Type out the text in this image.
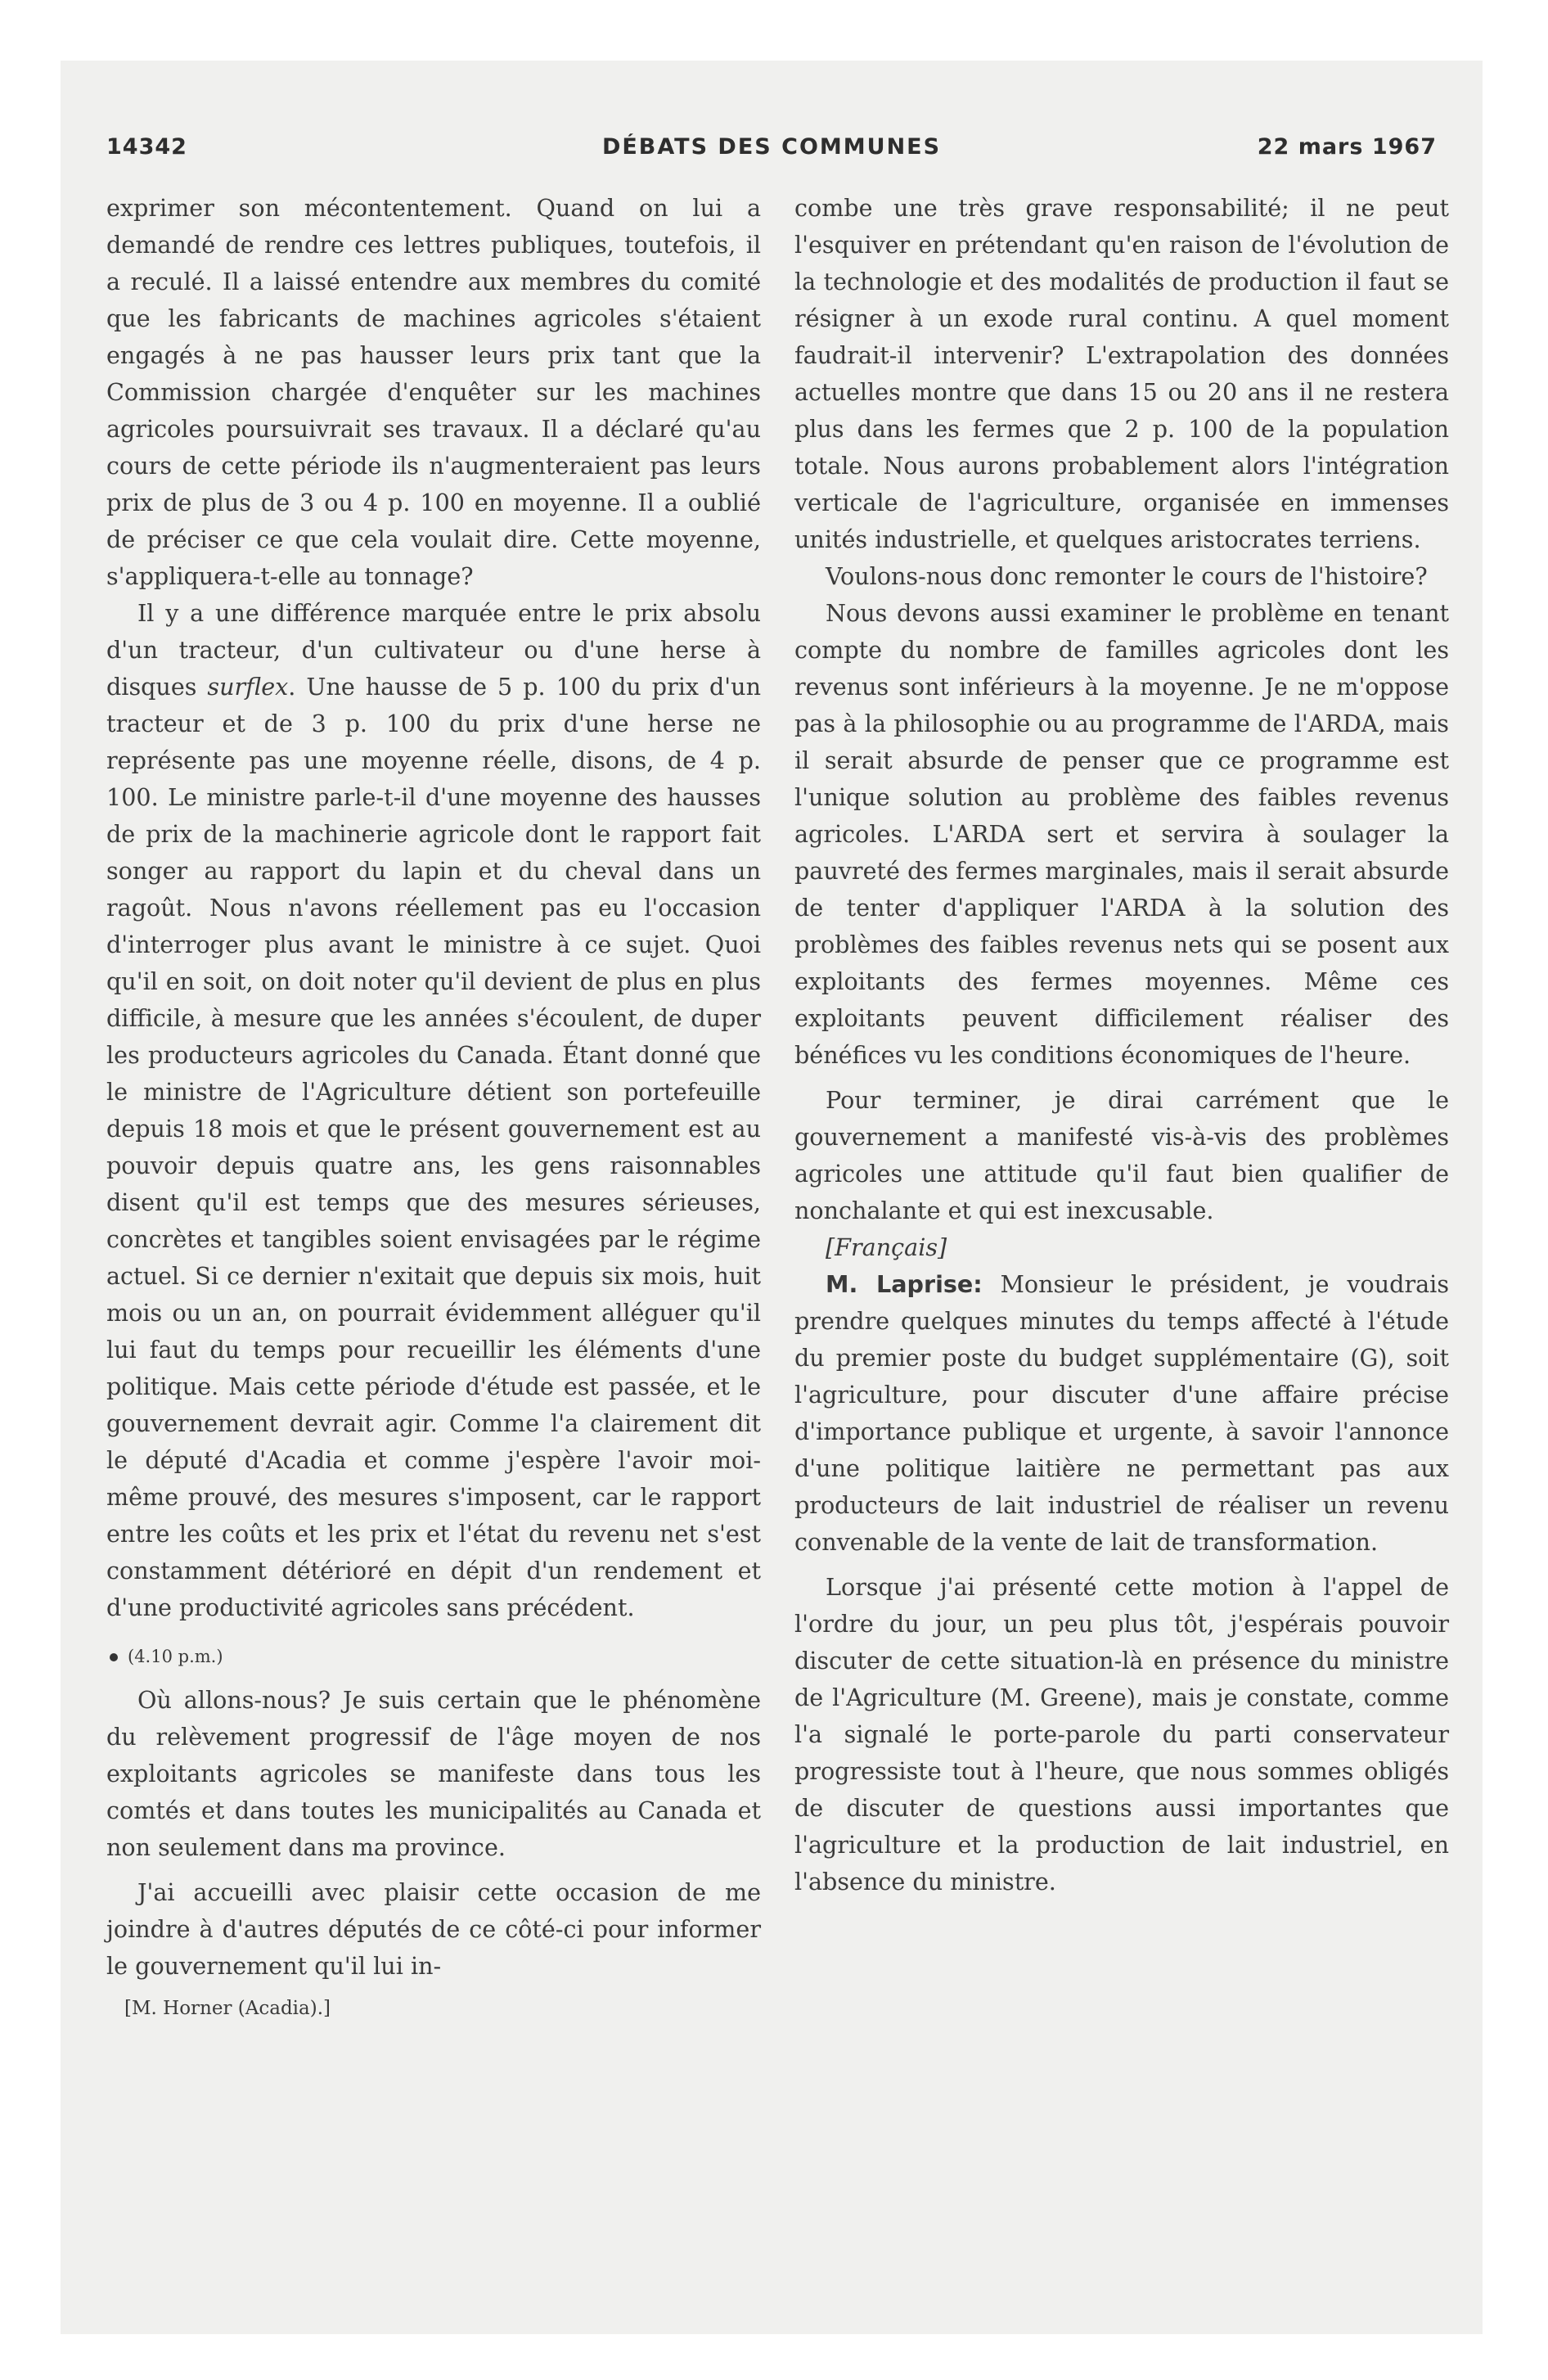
14342	DÉBATS DES COMMUNES	22 mars 1967

exprimer son mécontentement. Quand on lui a demandé de rendre ces lettres publiques, toutefois, il a reculé. Il a laissé entendre aux membres du comité que les fabricants de machines agricoles s'étaient engagés à ne pas hausser leurs prix tant que la Commission chargée d'enquêter sur les machines agricoles poursuivrait ses travaux. Il a déclaré qu'au cours de cette période ils n'augmenteraient pas leurs prix de plus de 3 ou 4 p. 100 en moyenne. Il a oublié de préciser ce que cela voulait dire. Cette moyenne, s'appliquera-t-elle au tonnage?

Il y a une différence marquée entre le prix absolu d'un tracteur, d'un cultivateur ou d'une herse à disques surflex. Une hausse de 5 p. 100 du prix d'un tracteur et de 3 p. 100 du prix d'une herse ne représente pas une moyenne réelle, disons, de 4 p. 100. Le ministre parle-t-il d'une moyenne des hausses de prix de la machinerie agricole dont le rapport fait songer au rapport du lapin et du cheval dans un ragoût. Nous n'avons réellement pas eu l'occasion d'interroger plus avant le ministre à ce sujet. Quoi qu'il en soit, on doit noter qu'il devient de plus en plus difficile, à mesure que les années s'écoulent, de duper les producteurs agricoles du Canada. Étant donné que le ministre de l'Agriculture détient son portefeuille depuis 18 mois et que le présent gouvernement est au pouvoir depuis quatre ans, les gens raisonnables disent qu'il est temps que des mesures sérieuses, concrètes et tangibles soient envisagées par le régime actuel. Si ce dernier n'exitait que depuis six mois, huit mois ou un an, on pourrait évidemment alléguer qu'il lui faut du temps pour recueillir les éléments d'une politique. Mais cette période d'étude est passée, et le gouvernement devrait agir. Comme l'a clairement dit le député d'Acadia et comme j'espère l'avoir moi-même prouvé, des mesures s'imposent, car le rapport entre les coûts et les prix et l'état du revenu net s'est constamment détérioré en dépit d'un rendement et d'une productivité agricoles sans précédent.

(4.10 p.m.)

Où allons-nous? Je suis certain que le phénomène du relèvement progressif de l'âge moyen de nos exploitants agricoles se manifeste dans tous les comtés et dans toutes les municipalités au Canada et non seulement dans ma province.

J'ai accueilli avec plaisir cette occasion de me joindre à d'autres députés de ce côté-ci pour informer le gouvernement qu'il lui in-

[M. Horner (Acadia).]

combe une très grave responsabilité; il ne peut l'esquiver en prétendant qu'en raison de l'évolution de la technologie et des modalités de production il faut se résigner à un exode rural continu. A quel moment faudrait-il intervenir? L'extrapolation des données actuelles montre que dans 15 ou 20 ans il ne restera plus dans les fermes que 2 p. 100 de la population totale. Nous aurons probablement alors l'intégration verticale de l'agriculture, organisée en immenses unités industrielle, et quelques aristocrates terriens.

Voulons-nous donc remonter le cours de l'histoire?

Nous devons aussi examiner le problème en tenant compte du nombre de familles agricoles dont les revenus sont inférieurs à la moyenne. Je ne m'oppose pas à la philosophie ou au programme de l'ARDA, mais il serait absurde de penser que ce programme est l'unique solution au problème des faibles revenus agricoles. L'ARDA sert et servira à soulager la pauvreté des fermes marginales, mais il serait absurde de tenter d'appliquer l'ARDA à la solution des problèmes des faibles revenus nets qui se posent aux exploitants des fermes moyennes. Même ces exploitants peuvent difficilement réaliser des bénéfices vu les conditions économiques de l'heure.

Pour terminer, je dirai carrément que le gouvernement a manifesté vis-à-vis des problèmes agricoles une attitude qu'il faut bien qualifier de nonchalante et qui est inexcusable.

[Français]

M. Laprise: Monsieur le président, je voudrais prendre quelques minutes du temps affecté à l'étude du premier poste du budget supplémentaire (G), soit l'agriculture, pour discuter d'une affaire précise d'importance publique et urgente, à savoir l'annonce d'une politique laitière ne permettant pas aux producteurs de lait industriel de réaliser un revenu convenable de la vente de lait de transformation.

Lorsque j'ai présenté cette motion à l'appel de l'ordre du jour, un peu plus tôt, j'espérais pouvoir discuter de cette situation-là en présence du ministre de l'Agriculture (M. Greene), mais je constate, comme l'a signalé le porte-parole du parti conservateur progressiste tout à l'heure, que nous sommes obligés de discuter de questions aussi importantes que l'agriculture et la production de lait industriel, en l'absence du ministre.
